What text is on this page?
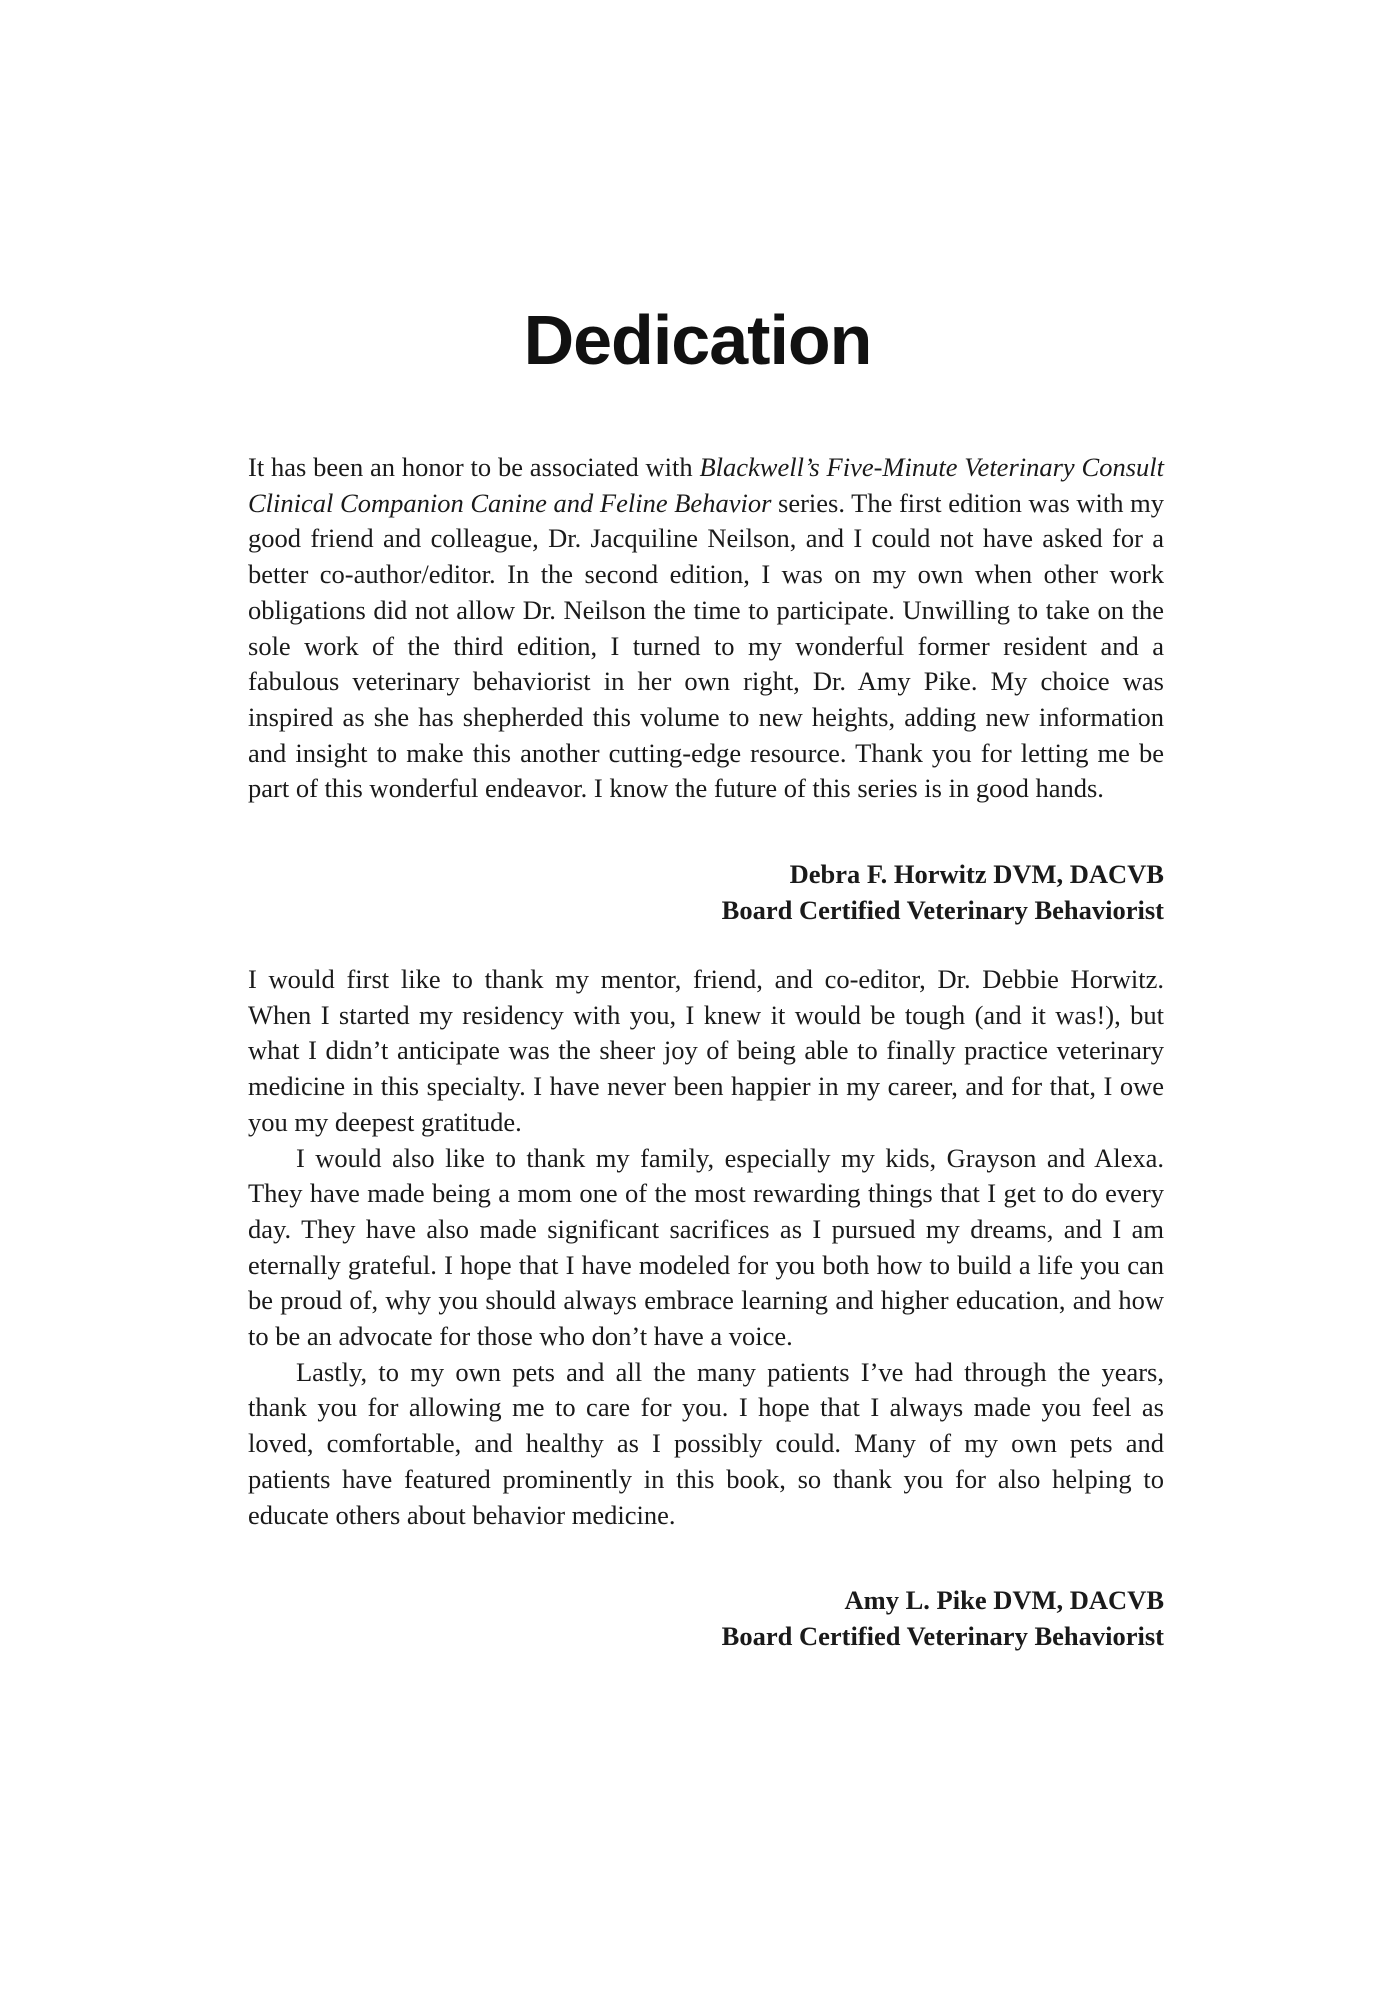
Dedication

It has been an honor to be associated with Blackwell’s Five-Minute Veterinary Consult Clinical Companion Canine and Feline Behavior series. The first edition was with my good friend and colleague, Dr. Jacquiline Neilson, and I could not have asked for a better co-author/editor. In the second edition, I was on my own when other work obligations did not allow Dr. Neilson the time to participate. Unwilling to take on the sole work of the third edition, I turned to my wonderful former resident and a fabulous veterinary behaviorist in her own right, Dr. Amy Pike. My choice was inspired as she has shepherded this volume to new heights, adding new information and insight to make this another cutting-edge resource. Thank you for letting me be part of this wonderful endeavor. I know the future of this series is in good hands.

Debra F. Horwitz DVM, DACVB
Board Certified Veterinary Behaviorist

I would first like to thank my mentor, friend, and co-editor, Dr. Debbie Horwitz. When I started my residency with you, I knew it would be tough (and it was!), but what I didn’t anticipate was the sheer joy of being able to finally practice veterinary medicine in this specialty. I have never been happier in my career, and for that, I owe you my deepest gratitude.

I would also like to thank my family, especially my kids, Grayson and Alexa. They have made being a mom one of the most rewarding things that I get to do every day. They have also made significant sacrifices as I pursued my dreams, and I am eternally grateful. I hope that I have modeled for you both how to build a life you can be proud of, why you should always embrace learning and higher education, and how to be an advocate for those who don’t have a voice.

Lastly, to my own pets and all the many patients I’ve had through the years, thank you for allowing me to care for you. I hope that I always made you feel as loved, comfortable, and healthy as I possibly could. Many of my own pets and patients have featured prominently in this book, so thank you for also helping to educate others about behavior medicine.

Amy L. Pike DVM, DACVB
Board Certified Veterinary Behaviorist
